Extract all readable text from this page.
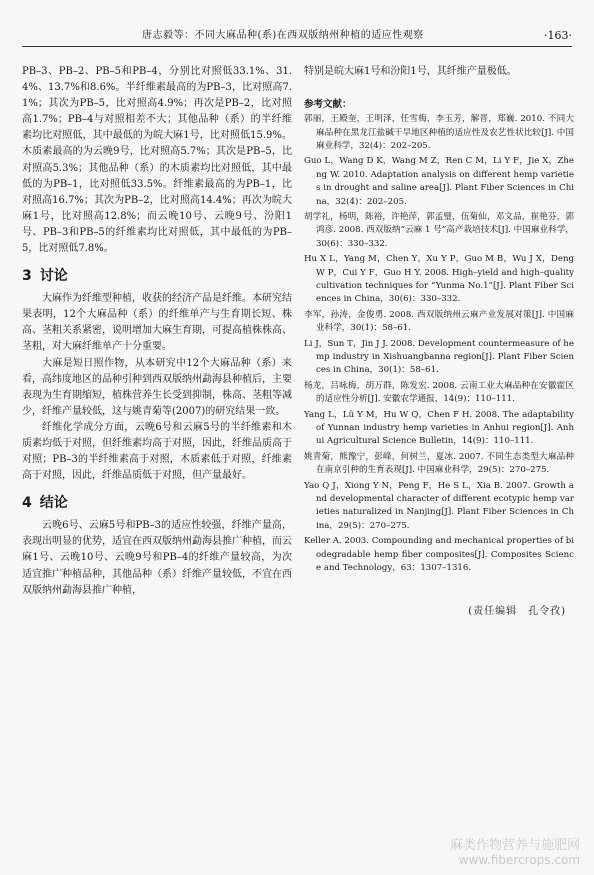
唐志毅等：不同大麻品种(系)在西双版纳州种植的适应性观察	·163·

PB–3、PB–2、PB–5和PB–4，分别比对照低33.1%、31.4%、13.7%和8.6%。半纤维素最高的为PB–3，比对照高7.1%；其次为PB–5，比对照高4.9%；再次是PB–2，比对照高1.7%；PB–4与对照相差不大；其他品种（系）的半纤维素均比对照低，其中最低的为皖大麻1号，比对照低15.9%。木质素最高的为云晚9号，比对照高5.7%；其次是PB–5，比对照高5.3%；其他品种（系）的木质素均比对照低，其中最低的为PB–1，比对照低33.5%。纤维素最高的为PB–1，比对照高16.7%；其次为PB–2，比对照高14.4%；再次为皖大麻1号，比对照高12.8%；而云晚10号、云晚9号、汾阳1号、PB–3和PB–5的纤维素均比对照低，其中最低的为PB–5，比对照低7.8%。

3 讨论

大麻作为纤维型种植，收获的经济产品是纤维。本研究结果表明，12个大麻品种（系）的纤维单产与生育期长短、株高、茎粗关系紧密，说明增加大麻生育期，可提高植株株高、茎粗，对大麻纤维单产十分重要。

大麻是短日照作物，从本研究中12个大麻品种（系）来看，高纬度地区的品种引种到西双版纳州勐海县种植后，主要表现为生育期缩短，植株营养生长受到抑制，株高、茎粗等减少，纤维产量较低，这与姚青菊等(2007)的研究结果一致。

纤维化学成分方面，云晚6号和云麻5号的半纤维素和木质素均低于对照，但纤维素均高于对照，因此，纤维品质高于对照；PB–3的半纤维素高于对照，木质素低于对照，纤维素高于对照，因此，纤维品质低于对照，但产量最好。

4 结论

云晚6号、云麻5号和PB–3的适应性较强，纤维产量高，表现出明显的优势，适宜在西双版纳州勐海县推广种植，而云麻1号、云晚10号、云晚9号和PB–4的纤维产量较高，为次适宜推广种植品种，其他品种（系）纤维产量较低，不宜在西双版纳州勐海县推广种植，

特别是皖大麻1号和汾阳1号，其纤维产量极低。

参考文献：

郭丽，王殿奎，王明泽，任雪梅，李玉芳，解晋，郑巍. 2010. 不同大麻品种在黑龙江盐碱干旱地区种植的适应性及农艺性状比较[J]. 中国麻业科学，32(4)：202–205.

Guo L，Wang D K，Wang M Z，Ren C M，Li Y F，Jie X，Zheng W. 2010. Adaptation analysis on different hemp varieties in drought and saline area[J]. Plant Fiber Sciences in China，32(4)：202–205.

胡学礼，杨明，陈裕，许艳萍，郭孟璧，伍菊仙，邓文品，崔艳芬，郭鸿彦. 2008. 西双版纳“云麻 1 号”高产栽培技术[J]. 中国麻业科学，30(6)：330–332.

Hu X L，Yang M，Chen Y，Xu Y P，Guo M B，Wu J X，Deng W P，Cui Y F，Guo H Y. 2008. High–yield and high–quality cultivation techniques for “Yunma No.1”[J]. Plant Fiber Sciences in China，30(6)：330–332.

李军，孙涛，金俊勇. 2008. 西双版纳州云麻产业发展对策[J]. 中国麻业科学，30(1)：58–61.

Li J，Sun T，Jin J J. 2008. Development countermeasure of hemp industry in Xishuangbanna region[J]. Plant Fiber Sciences in China，30(1)：58–61.

杨龙，吕咏梅，胡万群，陈发宏. 2008. 云南工业大麻品种在安徽霍区的适应性分析[J]. 安徽农学通报，14(9)：110–111.

Yang L，Lü Y M，Hu W Q，Chen F H. 2008. The adaptability of Yunnan industry hemp varieties in Anhui region[J]. Anhui Agricultural Science Bulletin，14(9)：110–111.

姚青菊，熊豫宁，彭峰，何树兰，夏冰. 2007. 不同生态类型大麻品种在南京引种的生育表现[J]. 中国麻业科学，29(5)：270–275.

Yao Q J，Xiong Y N，Peng F，He S L，Xia B. 2007. Growth and developmental character of different ecotypic hemp varieties naturalized in Nanjing[J]. Plant Fiber Sciences in China，29(5)：270–275.

Keller A. 2003. Compounding and mechanical properties of biodegradable hemp fiber composites[J]. Composites Science and Technology，63：1307–1316.

(责任编辑　孔令孜)
麻类作物营养与施肥网
www.fibercrops.com
